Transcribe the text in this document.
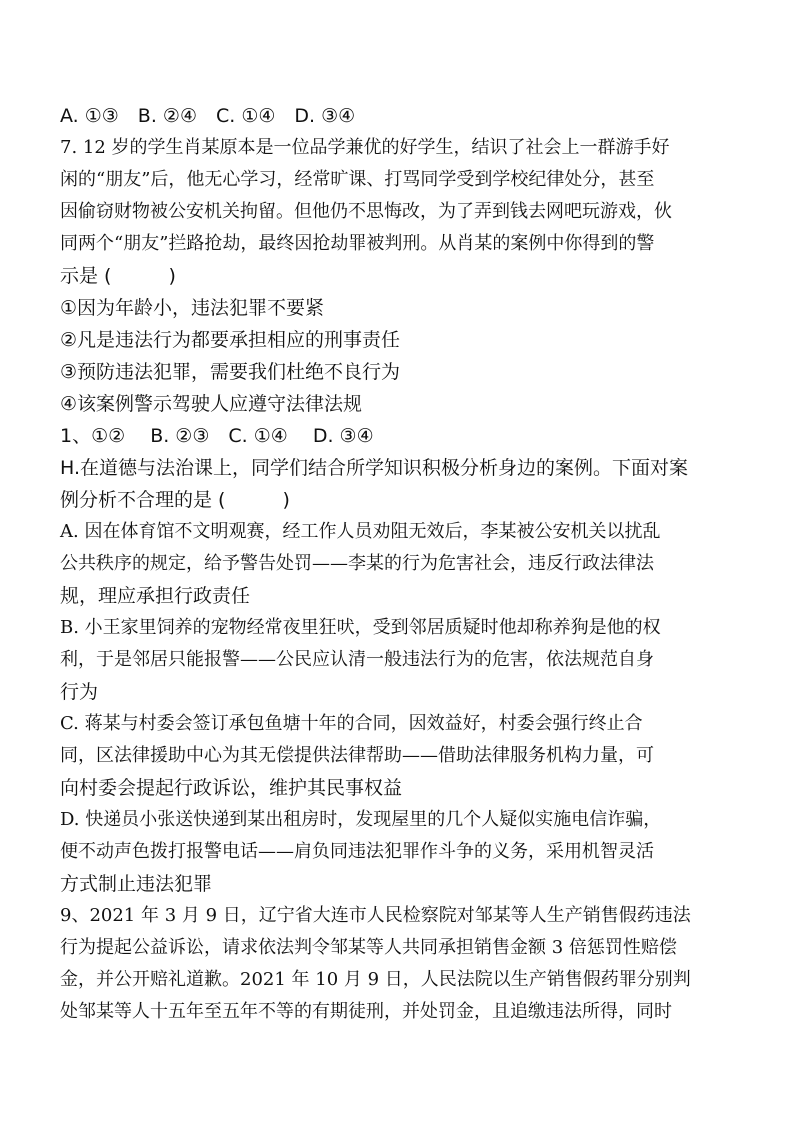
A. ①③　B. ②④　C. ①④　D. ③④
7. 12 岁的学生肖某原本是一位品学兼优的好学生，结识了社会上一群游手好
闲的“朋友”后，他无心学习，经常旷课、打骂同学受到学校纪律处分，甚至
因偷窃财物被公安机关拘留。但他仍不思悔改，为了弄到钱去网吧玩游戏，伙
同两个“朋友”拦路抢劫，最终因抢劫罪被判刑。从肖某的案例中你得到的警
示是 (　　　)
①因为年龄小，违法犯罪不要紧
②凡是违法行为都要承担相应的刑事责任
③预防违法犯罪，需要我们杜绝不良行为
④该案例警示驾驶人应遵守法律法规
1、①②　 B. ②③　C. ①④　 D. ③④
H.在道德与法治课上，同学们结合所学知识积极分析身边的案例。下面对案
例分析不合理的是 (　　　)
A. 因在体育馆不文明观赛，经工作人员劝阻无效后，李某被公安机关以扰乱
公共秩序的规定，给予警告处罚——李某的行为危害社会，违反行政法律法
规，理应承担行政责任
B. 小王家里饲养的宠物经常夜里狂吠，受到邻居质疑时他却称养狗是他的权
利，于是邻居只能报警——公民应认清一般违法行为的危害，依法规范自身
行为
C. 蒋某与村委会签订承包鱼塘十年的合同，因效益好，村委会强行终止合
同，区法律援助中心为其无偿提供法律帮助——借助法律服务机构力量，可
向村委会提起行政诉讼，维护其民事权益
D. 快递员小张送快递到某出租房时，发现屋里的几个人疑似实施电信诈骗，
便不动声色拨打报警电话——肩负同违法犯罪作斗争的义务，采用机智灵活
方式制止违法犯罪
9、2021 年 3 月 9 日，辽宁省大连市人民检察院对邹某等人生产销售假药违法
行为提起公益诉讼，请求依法判令邹某等人共同承担销售金额 3 倍惩罚性赔偿
金，并公开赔礼道歉。2021 年 10 月 9 日，人民法院以生产销售假药罪分别判
处邹某等人十五年至五年不等的有期徒刑，并处罚金，且追缴违法所得，同时
